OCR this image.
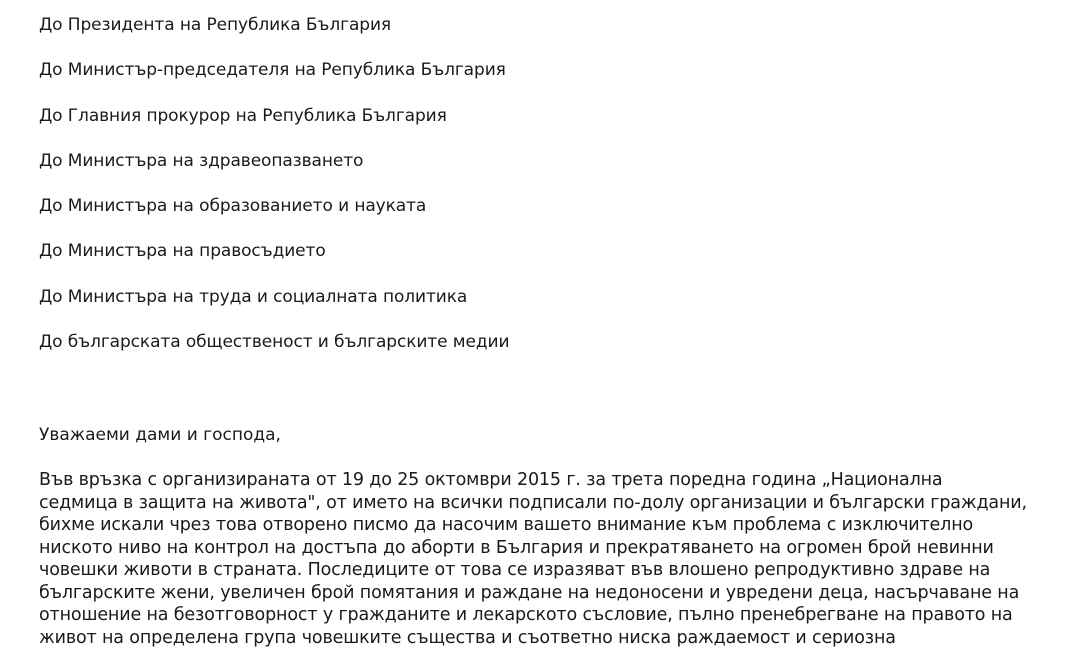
До Президента на Република България
До Министър-председателя на Република България
До Главния прокурор на Република България
До Министъра на здравеопазването
До Министъра на образованието и науката
До Министъра на правосъдието
До Министъра на труда и социалната политика
До българската общественост и българските медии

Уважаеми дами и господа,

Във връзка с организираната от 19 до 25 октомври 2015 г. за трета поредна година „Национална
седмица в защита на живота", от името на всички подписали по-долу организации и български граждани,
бихме искали чрез това отворено писмо да насочим вашето внимание към проблема с изключително
ниското ниво на контрол на достъпа до аборти в България и прекратяването на огромен брой невинни
човешки животи в страната. Последиците от това се изразяват във влошено репродуктивно здраве на
българските жени, увеличен брой помятания и раждане на недоносени и увредени деца, насърчаване на
отношение на безотговорност у гражданите и лекарското съсловие, пълно пренебрегване на правото на
живот на определена група човешките същества и съответно ниска раждаемост и сериозна
